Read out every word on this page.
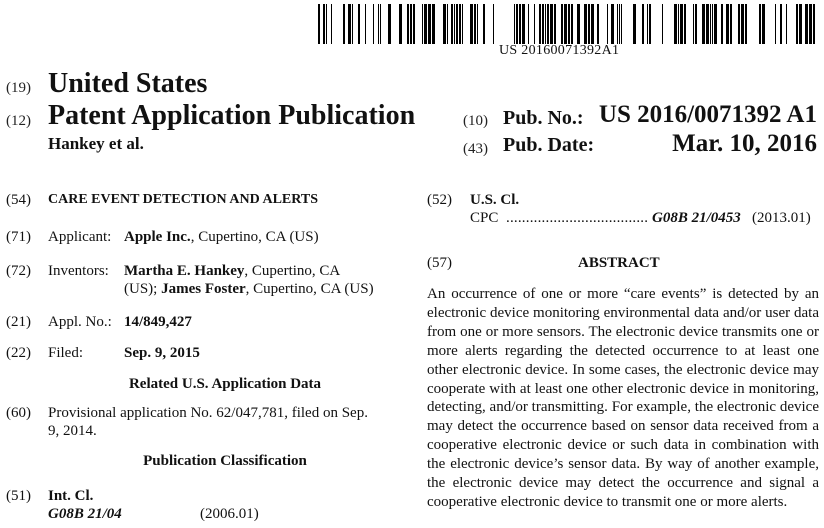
US 20160071392A1
(19) United States
(12) Patent Application Publication
Hankey et al.
(10) Pub. No.: US 2016/0071392 A1
(43) Pub. Date:	Mar. 10, 2016
(54) CARE EVENT DETECTION AND ALERTS
(71) Applicant: Apple Inc., Cupertino, CA (US)
(72) Inventors: Martha E. Hankey, Cupertino, CA
(US); James Foster, Cupertino, CA (US)
(21) Appl. No.: 14/849,427
(22) Filed:	Sep. 9, 2015
Related U.S. Application Data
(60) Provisional application No. 62/047,781, filed on Sep.
9, 2014.
Publication Classification
(51) Int. Cl.
G08B 21/04	(2006.01)
(52) U.S. Cl.
CPC .................................... G08B 21/0453 (2013.01)
(57)	ABSTRACT
An occurrence of one or more “care events” is detected by an electronic device monitoring environmental data and/or user data from one or more sensors. The electronic device transmits one or more alerts regarding the detected occurrence to at least one other electronic device. In some cases, the electronic device may cooperate with at least one other electronic device in monitoring, detecting, and/or transmitting. For example, the electronic device may detect the occurrence based on sensor data received from a cooperative electronic device or such data in combination with the electronic device’s sensor data. By way of another example, the electronic device may detect the occurrence and signal a cooperative electronic device to transmit one or more alerts.
